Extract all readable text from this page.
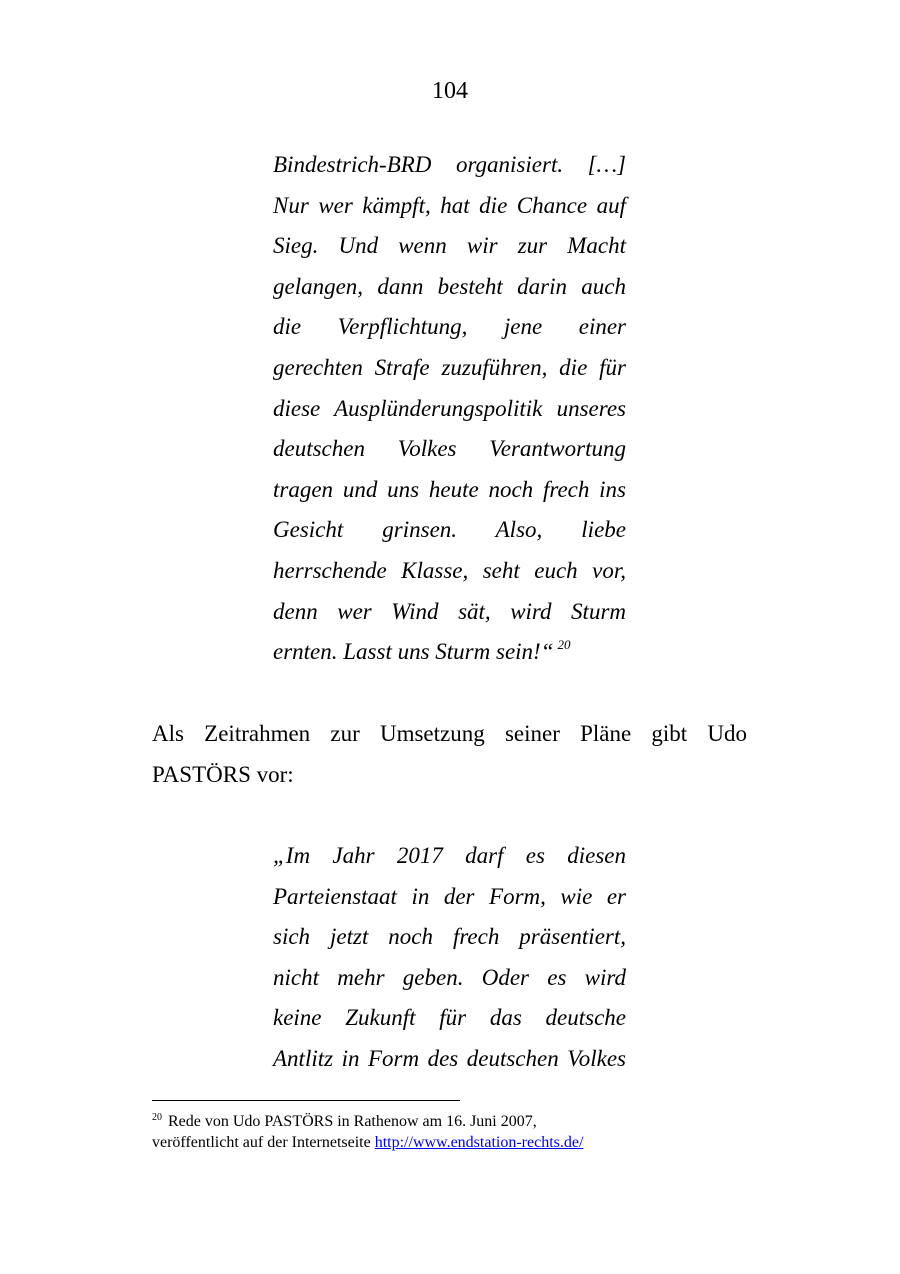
104
Bindestrich-BRD organisiert. […]
Nur wer kämpft, hat die Chance auf
Sieg. Und wenn wir zur Macht
gelangen, dann besteht darin auch
die Verpflichtung, jene einer
gerechten Strafe zuzuführen, die für
diese Ausplünderungspolitik unseres
deutschen Volkes Verantwortung
tragen und uns heute noch frech ins
Gesicht grinsen. Also, liebe
herrschende Klasse, seht euch vor,
denn wer Wind sät, wird Sturm
ernten. Lasst uns Sturm sein!“ $^{20}$

Als Zeitrahmen zur Umsetzung seiner Pläne gibt Udo
PASTÖRS vor:

„Im Jahr 2017 darf es diesen
Parteienstaat in der Form, wie er
sich jetzt noch frech präsentiert,
nicht mehr geben. Oder es wird
keine Zukunft für das deutsche
Antlitz in Form des deutschen Volkes
$^{20}$ Rede von Udo PASTÖRS in Rathenow am 16. Juni 2007,
veröffentlicht auf der Internetseite http://www.endstation-rechts.de/
